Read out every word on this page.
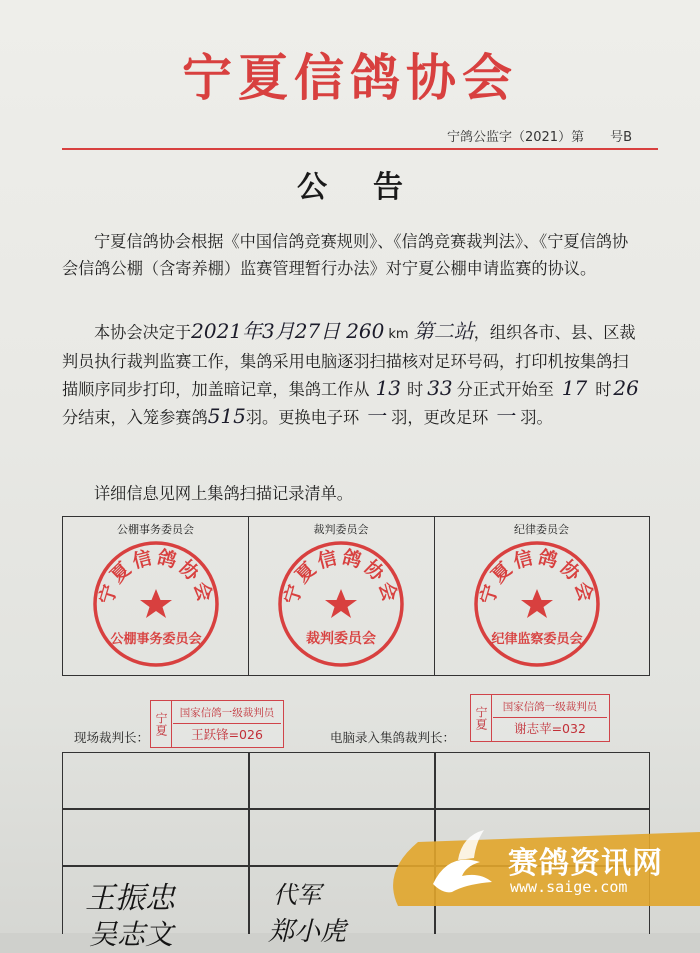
宁夏信鸽协会
宁鸽公监字（2021）第　　号B
公告
宁夏信鸽协会根据《中国信鸽竞赛规则》、《信鸽竞赛裁判法》、《宁夏信鸽协会信鸽公棚（含寄养棚）监赛管理暂行办法》对宁夏公棚申请监赛的协议。
本协会决定于2021年3月27日 260 km 第二站，组织各市、县、区裁判员执行裁判监赛工作，集鸽采用电脑逐羽扫描核对足环号码，打印机按集鸽扫描顺序同步打印，加盖暗记章，集鸽工作从 13 时 33 分正式开始至 17 时 26分结束，入笼参赛鸽515羽。更换电子环 一 羽，更改足环 一 羽。
详细信息见网上集鸽扫描记录清单。
公棚事务委员会
宁夏信鸽协会
公棚事务委员会
裁判委员会
宁夏信鸽协会
裁判委员会
纪律委员会
宁夏信鸽协会
纪律监察委员会
现场裁判长：
宁夏	国家信鸽一级裁判员
王跃锋=026	电脑录入集鸽裁判长：
宁夏	国家信鸽一级裁判员
谢志苹=032
王振忠	代军
吴志文	郑小虎
赛鸽资讯网
www.saige.com
